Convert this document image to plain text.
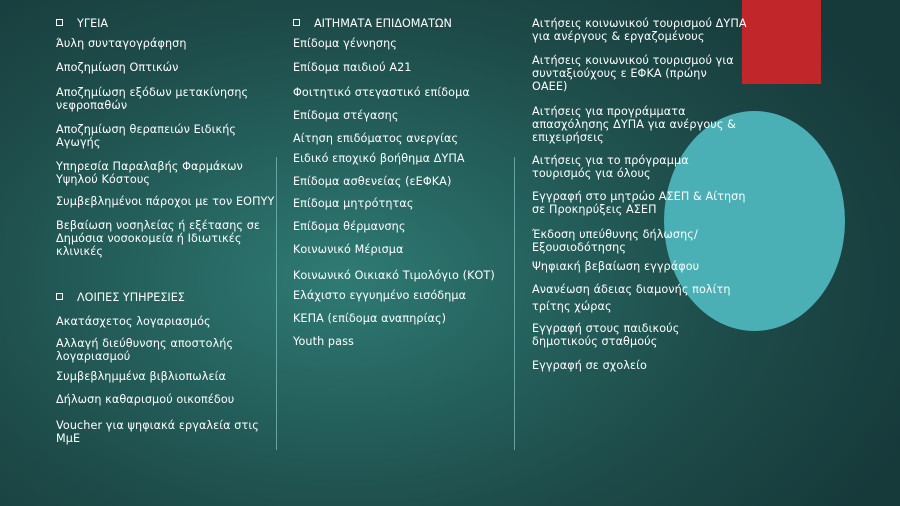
ΥΓΕΙΑ
Άυλη συνταγογράφηση
Αποζημίωση Οπτικών
Αποζημίωση εξόδων μετακίνησης
νεφροπαθών
Αποζημίωση θεραπειών Ειδικής
Αγωγής
Υπηρεσία Παραλαβής Φαρμάκων
Υψηλού Κόστους
Συμβεβλημένοι πάροχοι με τον ΕΟΠΥΥ
Βεβαίωση νοσηλείας ή εξέτασης σε
Δημόσια νοσοκομεία ή Ιδιωτικές
κλινικές
ΛΟΙΠΕΣ ΥΠΗΡΕΣΙΕΣ
Ακατάσχετος λογαριασμός
Αλλαγή διεύθυνσης αποστολής
λογαριασμού
Συμβεβλημμένα βιβλιοπωλεία
Δήλωση καθαρισμού οικοπέδου
Voucher για ψηφιακά εργαλεία στις
ΜμΕ
ΑΙΤΗΜΑΤΑ ΕΠΙΔΟΜΑΤΩΝ
Επίδομα γέννησης
Επίδομα παιδιού Α21
Φοιτητικό στεγαστικό επίδομα
Επίδομα στέγασης
Αίτηση επιδόματος ανεργίας
Ειδικό εποχικό βοήθημα ΔΥΠΑ
Επίδομα ασθενείας (εΕΦΚΑ)
Επίδομα μητρότητας
Επίδομα θέρμανσης
Κοινωνικό Μέρισμα
Κοινωνικό Οικιακό Τιμολόγιο (ΚΟΤ)
Ελάχιστο εγγυημένο εισόδημα
ΚΕΠΑ (επίδομα αναπηρίας)
Youth pass
Αιτήσεις κοινωνικού τουρισμού ΔΥΠΑ
για ανέργους & εργαζομένους
Αιτήσεις κοινωνικού τουρισμού για
συνταξιούχους ε ΕΦΚΑ (πρώην
ΟΑΕΕ)
Αιτήσεις για προγράμματα
απασχόλησης ΔΥΠΑ για ανέργους &
επιχειρήσεις
Αιτήσεις για το πρόγραμμα
τουρισμός για όλους
Εγγραφή στο μητρώο ΑΣΕΠ & Αίτηση
σε Προκηρύξεις ΑΣΕΠ
Έκδοση υπεύθυνης δήλωσης/
Εξουσιοδότησης
Ψηφιακή βεβαίωση εγγράφου
Ανανέωση άδειας διαμονής πολίτη
τρίτης χώρας
Εγγραφή στους παιδικούς
δημοτικούς σταθμούς
Εγγραφή σε σχολείο
